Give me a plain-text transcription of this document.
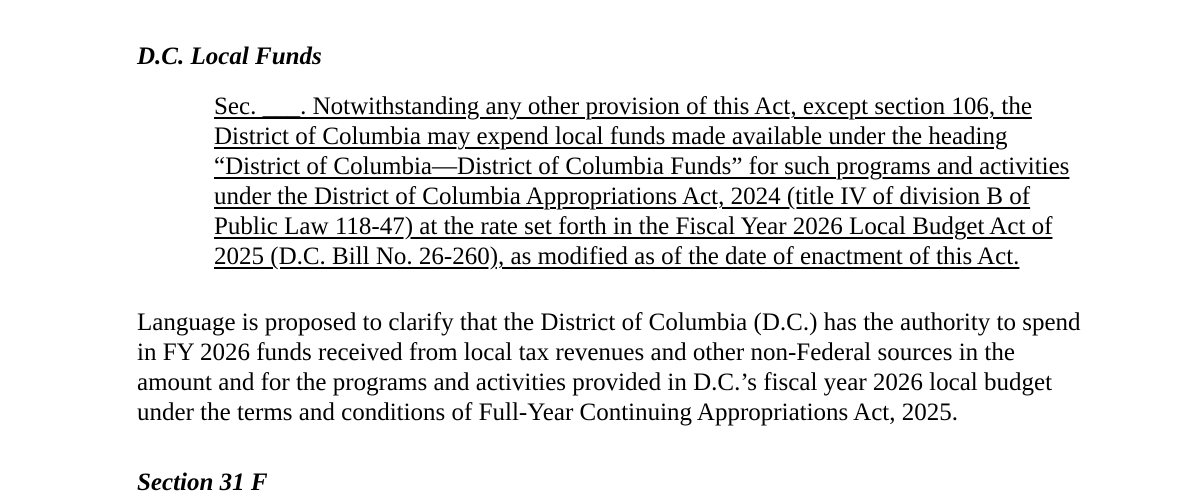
D.C. Local Funds

Sec. ___. Notwithstanding any other provision of this Act, except section 106, the
District of Columbia may expend local funds made available under the heading
“District of Columbia—District of Columbia Funds” for such programs and activities
under the District of Columbia Appropriations Act, 2024 (title IV of division B of
Public Law 118-47) at the rate set forth in the Fiscal Year 2026 Local Budget Act of
2025 (D.C. Bill No. 26-260), as modified as of the date of enactment of this Act.

Language is proposed to clarify that the District of Columbia (D.C.) has the authority to spend
in FY 2026 funds received from local tax revenues and other non-Federal sources in the
amount and for the programs and activities provided in D.C.’s fiscal year 2026 local budget
under the terms and conditions of Full-Year Continuing Appropriations Act, 2025.

Section 31 F
